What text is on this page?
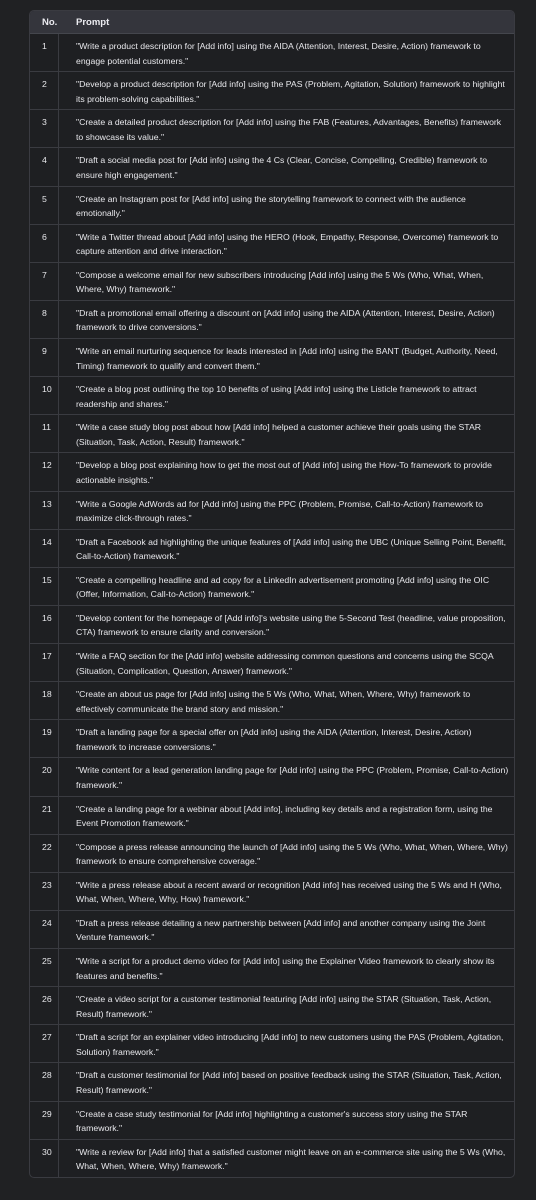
No.	Prompt
1	"Write a product description for [Add info] using the AIDA (Attention, Interest, Desire, Action) framework to engage potential customers."
2	"Develop a product description for [Add info] using the PAS (Problem, Agitation, Solution) framework to highlight its problem-solving capabilities."
3	"Create a detailed product description for [Add info] using the FAB (Features, Advantages, Benefits) framework to showcase its value."
4	"Draft a social media post for [Add info] using the 4 Cs (Clear, Concise, Compelling, Credible) framework to ensure high engagement."
5	"Create an Instagram post for [Add info] using the storytelling framework to connect with the audience emotionally."
6	"Write a Twitter thread about [Add info] using the HERO (Hook, Empathy, Response, Overcome) framework to capture attention and drive interaction."
7	"Compose a welcome email for new subscribers introducing [Add info] using the 5 Ws (Who, What, When, Where, Why) framework."
8	"Draft a promotional email offering a discount on [Add info] using the AIDA (Attention, Interest, Desire, Action) framework to drive conversions."
9	"Write an email nurturing sequence for leads interested in [Add info] using the BANT (Budget, Authority, Need, Timing) framework to qualify and convert them."
10	"Create a blog post outlining the top 10 benefits of using [Add info] using the Listicle framework to attract readership and shares."
11	"Write a case study blog post about how [Add info] helped a customer achieve their goals using the STAR (Situation, Task, Action, Result) framework."
12	"Develop a blog post explaining how to get the most out of [Add info] using the How-To framework to provide actionable insights."
13	"Write a Google AdWords ad for [Add info] using the PPC (Problem, Promise, Call-to-Action) framework to maximize click-through rates."
14	"Draft a Facebook ad highlighting the unique features of [Add info] using the UBC (Unique Selling Point, Benefit, Call-to-Action) framework."
15	"Create a compelling headline and ad copy for a LinkedIn advertisement promoting [Add info] using the OIC (Offer, Information, Call-to-Action) framework."
16	"Develop content for the homepage of [Add info]'s website using the 5-Second Test (headline, value proposition, CTA) framework to ensure clarity and conversion."
17	"Write a FAQ section for the [Add info] website addressing common questions and concerns using the SCQA (Situation, Complication, Question, Answer) framework."
18	"Create an about us page for [Add info] using the 5 Ws (Who, What, When, Where, Why) framework to effectively communicate the brand story and mission."
19	"Draft a landing page for a special offer on [Add info] using the AIDA (Attention, Interest, Desire, Action) framework to increase conversions."
20	"Write content for a lead generation landing page for [Add info] using the PPC (Problem, Promise, Call-to-Action) framework."
21	"Create a landing page for a webinar about [Add info], including key details and a registration form, using the Event Promotion framework."
22	"Compose a press release announcing the launch of [Add info] using the 5 Ws (Who, What, When, Where, Why) framework to ensure comprehensive coverage."
23	"Write a press release about a recent award or recognition [Add info] has received using the 5 Ws and H (Who, What, When, Where, Why, How) framework."
24	"Draft a press release detailing a new partnership between [Add info] and another company using the Joint Venture framework."
25	"Write a script for a product demo video for [Add info] using the Explainer Video framework to clearly show its features and benefits."
26	"Create a video script for a customer testimonial featuring [Add info] using the STAR (Situation, Task, Action, Result) framework."
27	"Draft a script for an explainer video introducing [Add info] to new customers using the PAS (Problem, Agitation, Solution) framework."
28	"Draft a customer testimonial for [Add info] based on positive feedback using the STAR (Situation, Task, Action, Result) framework."
29	"Create a case study testimonial for [Add info] highlighting a customer's success story using the STAR framework."
30	"Write a review for [Add info] that a satisfied customer might leave on an e-commerce site using the 5 Ws (Who, What, When, Where, Why) framework."
